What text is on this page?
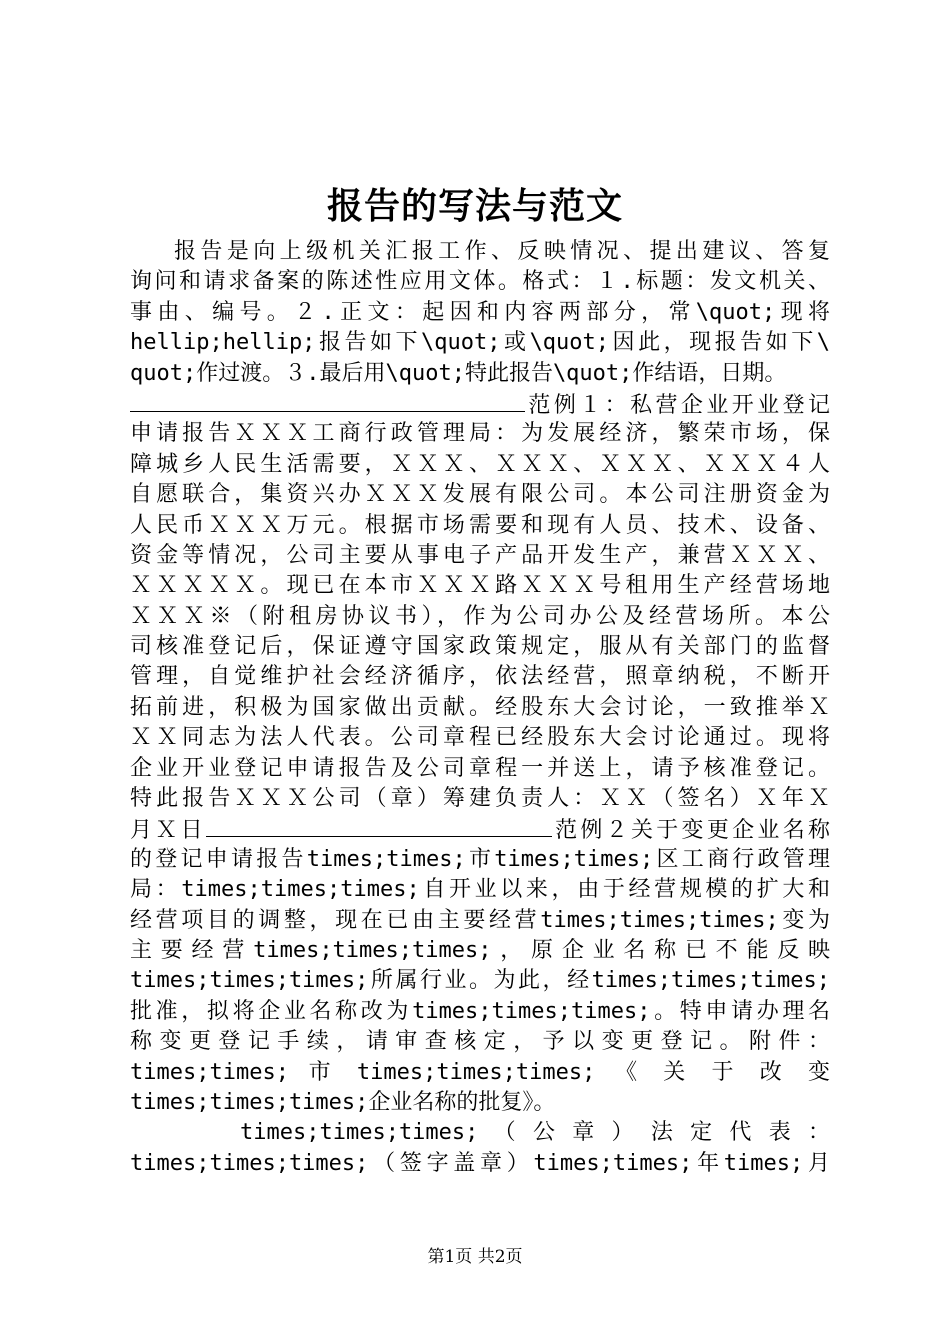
报告的写法与范文
报告是向上级机关汇报工作、反映情况、提出建议、答复
询问和请求备案的陈述性应用文体。格式：１.标题：发文机关、
事由、编号。２.正文：起因和内容两部分，常\quot;现将
hellip;hellip;报告如下\quot;或\quot;因此，现报告如下\
quot;作过渡。３.最后用\quot;特此报告\quot;作结语，日期。
范例１：私营企业开业登记
申请报告ＸＸＸ工商行政管理局：为发展经济，繁荣市场，保
障城乡人民生活需要，ＸＸＸ、ＸＸＸ、ＸＸＸ、ＸＸＸ４人
自愿联合，集资兴办ＸＸＸ发展有限公司。本公司注册资金为
人民币ＸＸＸ万元。根据市场需要和现有人员、技术、设备、
资金等情况，公司主要从事电子产品开发生产，兼营ＸＸＸ、
ＸＸＸＸＸ。现已在本市ＸＸＸ路ＸＸＸ号租用生产经营场地
ＸＸＸ※（附租房协议书），作为公司办公及经营场所。本公
司核准登记后，保证遵守国家政策规定，服从有关部门的监督
管理，自觉维护社会经济循序，依法经营，照章纳税，不断开
拓前进，积极为国家做出贡献。经股东大会讨论，一致推举Ｘ
ＸＸ同志为法人代表。公司章程已经股东大会讨论通过。现将
企业开业登记申请报告及公司章程一并送上，请予核准登记。
特此报告ＸＸＸ公司（章）筹建负责人：ＸＸ（签名）Ｘ年Ｘ
月Ｘ日	范例２关于变更企业名称
的登记申请报告times;times;市times;times;区工商行政管理
局：times;times;times;自开业以来，由于经营规模的扩大和
经营项目的调整，现在已由主要经营times;times;times;变为
主要经营times;times;times;，原企业名称已不能反映
times;times;times;所属行业。为此，经times;times;times;
批准，拟将企业名称改为times;times;times;。特申请办理名
称变更登记手续，请审查核定，予以变更登记。附件：
times;times; 市 times;times;times; 《 关 于 改 变
times;times;times;企业名称的批复》。
times;times;times; （ 公 章 ） 法 定 代 表 ：
times;times;times;（签字盖章）times;times;年times;月
第1页 共2页
